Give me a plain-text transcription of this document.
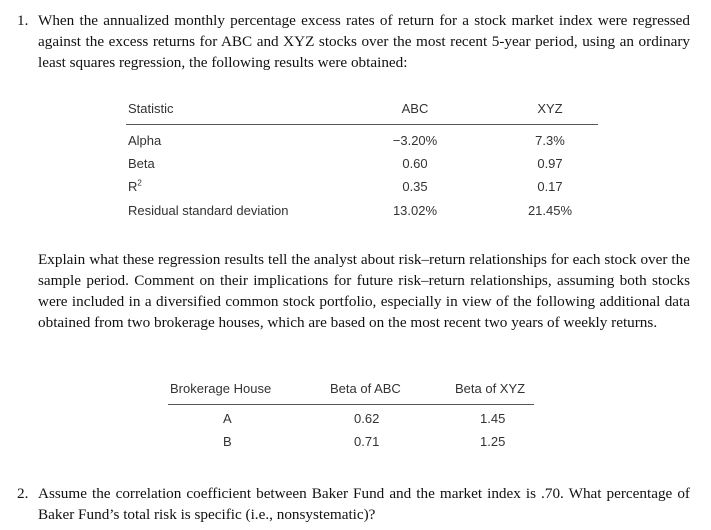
1. When the annualized monthly percentage excess rates of return for a stock market index were regressed against the excess returns for ABC and XYZ stocks over the most recent 5-year period, using an ordinary least squares regression, the following results were obtained:
Statistic	ABC	XYZ
Alpha	−3.20%	7.3%
Beta	0.60	0.97
$R^2$	0.35	0.17
Residual standard deviation	13.02%	21.45%
Explain what these regression results tell the analyst about risk–return relationships for each stock over the sample period. Comment on their implications for future risk–return relationships, assuming both stocks were included in a diversified common stock portfolio, especially in view of the following additional data obtained from two brokerage houses, which are based on the most recent two years of weekly returns.
Brokerage House	Beta of ABC	Beta of XYZ
A	0.62	1.45
B	0.71	1.25
2. Assume the correlation coefficient between Baker Fund and the market index is .70. What percentage of Baker Fund’s total risk is specific (i.e., nonsystematic)?
